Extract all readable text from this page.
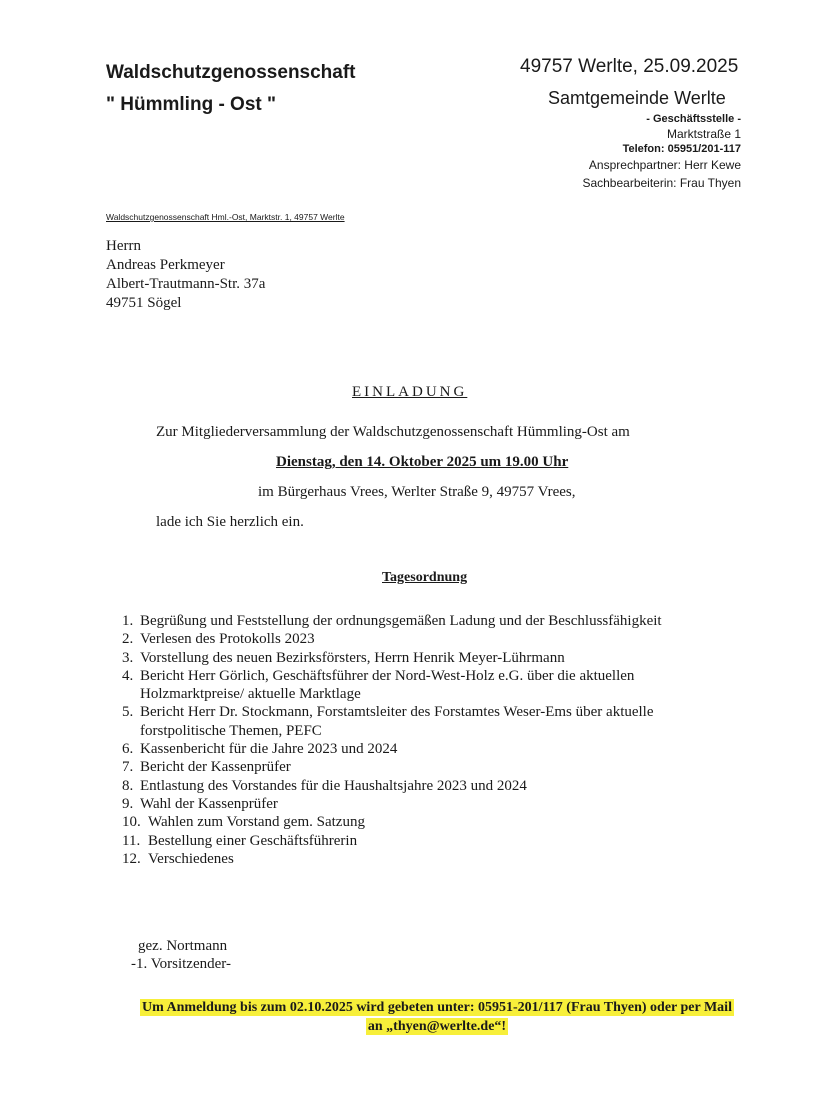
Waldschutzgenossenschaft
" Hümmling - Ost "
49757 Werlte, 25.09.2025
Samtgemeinde Werlte
- Geschäftsstelle -
Marktstraße 1
Telefon: 05951/201-117
Ansprechpartner: Herr Kewe
Sachbearbeiterin: Frau Thyen
Waldschutzgenossenschaft Hml.-Ost, Marktstr. 1, 49757 Werlte
Herrn
Andreas Perkmeyer
Albert-Trautmann-Str. 37a
49751 Sögel
EINLADUNG
Zur Mitgliederversammlung der Waldschutzgenossenschaft Hümmling-Ost am
Dienstag, den 14. Oktober 2025 um 19.00 Uhr
im Bürgerhaus Vrees, Werlter Straße 9, 49757 Vrees,
lade ich Sie herzlich ein.
Tagesordnung
1. Begrüßung und Feststellung der ordnungsgemäßen Ladung und der Beschlussfähigkeit
2. Verlesen des Protokolls 2023
3. Vorstellung des neuen Bezirksförsters, Herrn Henrik Meyer-Lührmann
4. Bericht Herr Görlich, Geschäftsführer der Nord-West-Holz e.G. über die aktuellen Holzmarktpreise/ aktuelle Marktlage
5. Bericht Herr Dr. Stockmann, Forstamtsleiter des Forstamtes Weser-Ems über aktuelle forstpolitische Themen, PEFC
6. Kassenbericht für die Jahre 2023 und 2024
7. Bericht der Kassenprüfer
8. Entlastung des Vorstandes für die Haushaltsjahre 2023 und 2024
9. Wahl der Kassenprüfer
10. Wahlen zum Vorstand gem. Satzung
11. Bestellung einer Geschäftsführerin
12. Verschiedenes
gez. Nortmann
-1. Vorsitzender-
Um Anmeldung bis zum 02.10.2025 wird gebeten unter: 05951-201/117 (Frau Thyen) oder per Mail
an „thyen@werlte.de“!
